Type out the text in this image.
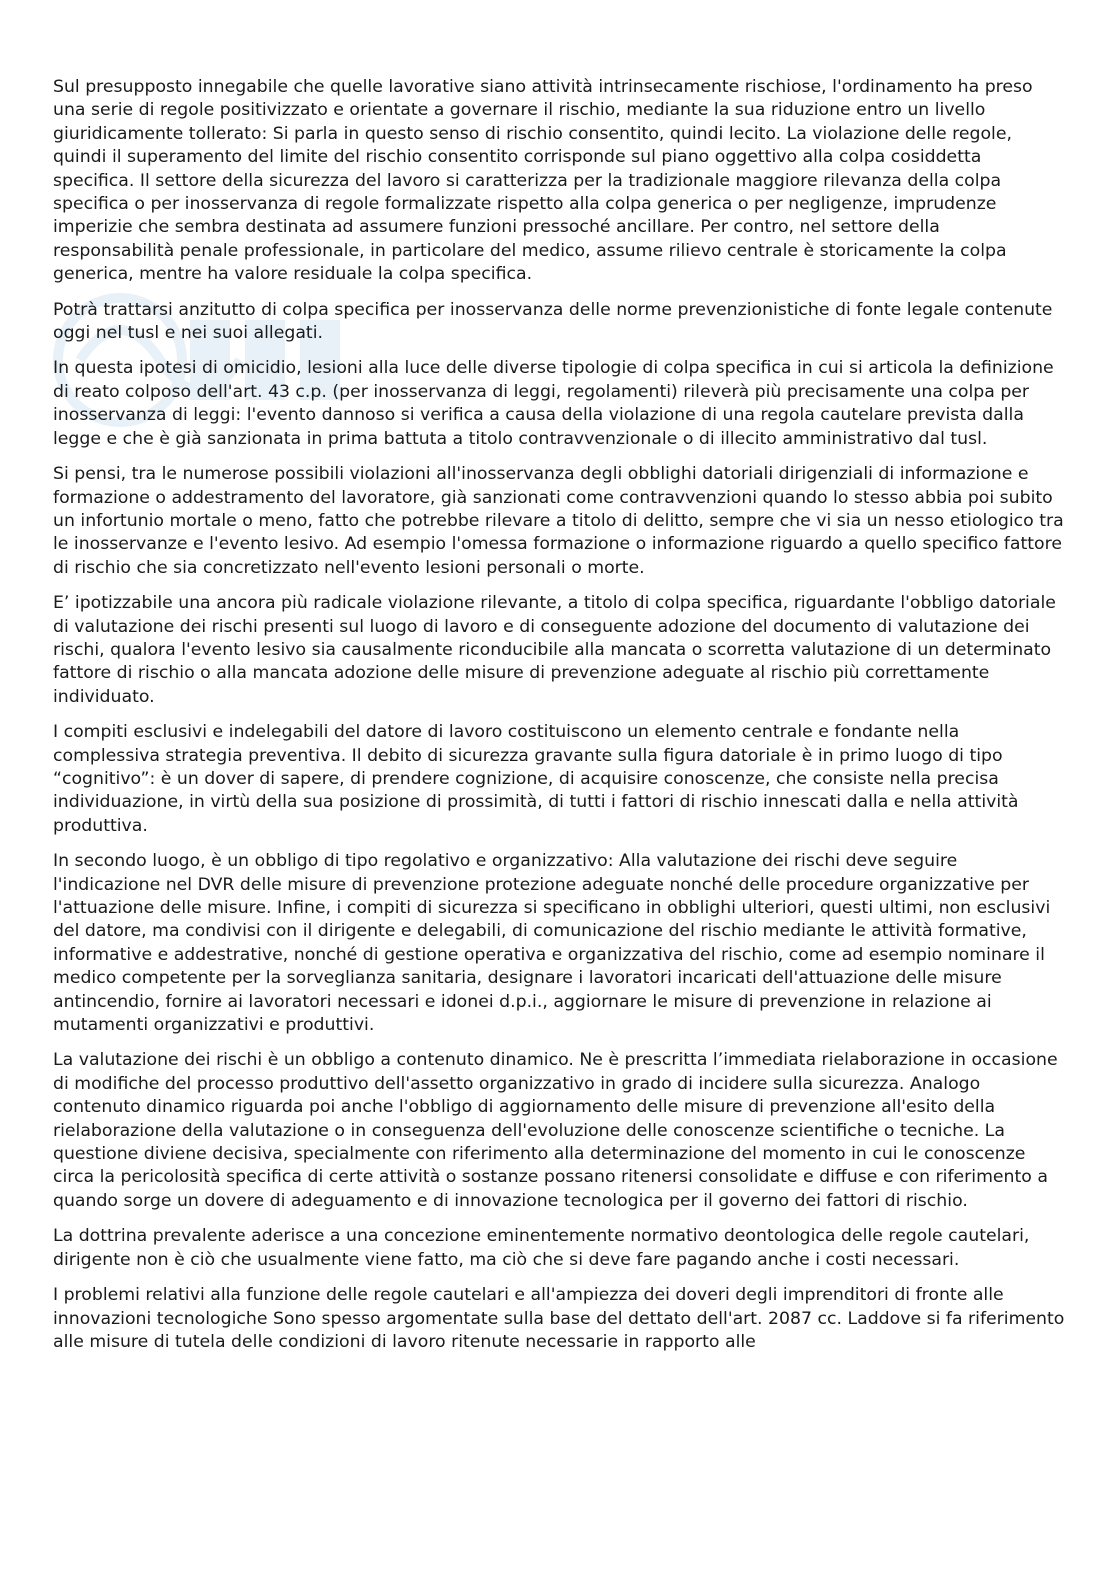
Sul presupposto innegabile che quelle lavorative siano attività intrinsecamente rischiose, l'ordinamento ha preso una serie di regole positivizzato e orientate a governare il rischio, mediante la sua riduzione entro un livello giuridicamente tollerato: Si parla in questo senso di rischio consentito, quindi lecito. La violazione delle regole, quindi il superamento del limite del rischio consentito corrisponde sul piano oggettivo alla colpa cosiddetta specifica. Il settore della sicurezza del lavoro si caratterizza per la tradizionale maggiore rilevanza della colpa specifica o per inosservanza di regole formalizzate rispetto alla colpa generica o per negligenze, imprudenze imperizie che sembra destinata ad assumere funzioni pressoché ancillare. Per contro, nel settore della responsabilità penale professionale, in particolare del medico, assume rilievo centrale è storicamente la colpa generica, mentre ha valore residuale la colpa specifica.

Potrà trattarsi anzitutto di colpa specifica per inosservanza delle norme prevenzionistiche di fonte legale contenute oggi nel tusl e nei suoi allegati.

In questa ipotesi di omicidio, lesioni alla luce delle diverse tipologie di colpa specifica in cui si articola la definizione di reato colposo dell'art. 43 c.p. (per inosservanza di leggi, regolamenti) rileverà più precisamente una colpa per inosservanza di leggi: l'evento dannoso si verifica a causa della violazione di una regola cautelare prevista dalla legge e che è già sanzionata in prima battuta a titolo contravvenzionale o di illecito amministrativo dal tusl.

Si pensi, tra le numerose possibili violazioni all'inosservanza degli obblighi datoriali dirigenziali di informazione e formazione o addestramento del lavoratore, già sanzionati come contravvenzioni quando lo stesso abbia poi subito un infortunio mortale o meno, fatto che potrebbe rilevare a titolo di delitto, sempre che vi sia un nesso etiologico tra le inosservanze e l'evento lesivo. Ad esempio l'omessa formazione o informazione riguardo a quello specifico fattore di rischio che sia concretizzato nell'evento lesioni personali o morte.

E’ ipotizzabile una ancora più radicale violazione rilevante, a titolo di colpa specifica, riguardante l'obbligo datoriale di valutazione dei rischi presenti sul luogo di lavoro e di conseguente adozione del documento di valutazione dei rischi, qualora l'evento lesivo sia causalmente riconducibile alla mancata o scorretta valutazione di un determinato fattore di rischio o alla mancata adozione delle misure di prevenzione adeguate al rischio più correttamente individuato.

I compiti esclusivi e indelegabili del datore di lavoro costituiscono un elemento centrale e fondante nella complessiva strategia preventiva. Il debito di sicurezza gravante sulla figura datoriale è in primo luogo di tipo “cognitivo”: è un dover di sapere, di prendere cognizione, di acquisire conoscenze, che consiste nella precisa individuazione, in virtù della sua posizione di prossimità, di tutti i fattori di rischio innescati dalla e nella attività produttiva.

In secondo luogo, è un obbligo di tipo regolativo e organizzativo: Alla valutazione dei rischi deve seguire l'indicazione nel DVR delle misure di prevenzione protezione adeguate nonché delle procedure organizzative per l'attuazione delle misure. Infine, i compiti di sicurezza si specificano in obblighi ulteriori, questi ultimi, non esclusivi del datore, ma condivisi con il dirigente e delegabili, di comunicazione del rischio mediante le attività formative, informative e addestrative, nonché di gestione operativa e organizzativa del rischio, come ad esempio nominare il medico competente per la sorveglianza sanitaria, designare i lavoratori incaricati dell'attuazione delle misure antincendio, fornire ai lavoratori necessari e idonei d.p.i., aggiornare le misure di prevenzione in relazione ai mutamenti organizzativi e produttivi.

La valutazione dei rischi è un obbligo a contenuto dinamico. Ne è prescritta l’immediata rielaborazione in occasione di modifiche del processo produttivo dell'assetto organizzativo in grado di incidere sulla sicurezza. Analogo contenuto dinamico riguarda poi anche l'obbligo di aggiornamento delle misure di prevenzione all'esito della rielaborazione della valutazione o in conseguenza dell'evoluzione delle conoscenze scientifiche o tecniche. La questione diviene decisiva, specialmente con riferimento alla determinazione del momento in cui le conoscenze circa la pericolosità specifica di certe attività o sostanze possano ritenersi consolidate e diffuse e con riferimento a quando sorge un dovere di adeguamento e di innovazione tecnologica per il governo dei fattori di rischio.

La dottrina prevalente aderisce a una concezione eminentemente normativo deontologica delle regole cautelari, dirigente non è ciò che usualmente viene fatto, ma ciò che si deve fare pagando anche i costi necessari.

I problemi relativi alla funzione delle regole cautelari e all'ampiezza dei doveri degli imprenditori di fronte alle innovazioni tecnologiche Sono spesso argomentate sulla base del dettato dell'art. 2087 cc. Laddove si fa riferimento alle misure di tutela delle condizioni di lavoro ritenute necessarie in rapporto alle
